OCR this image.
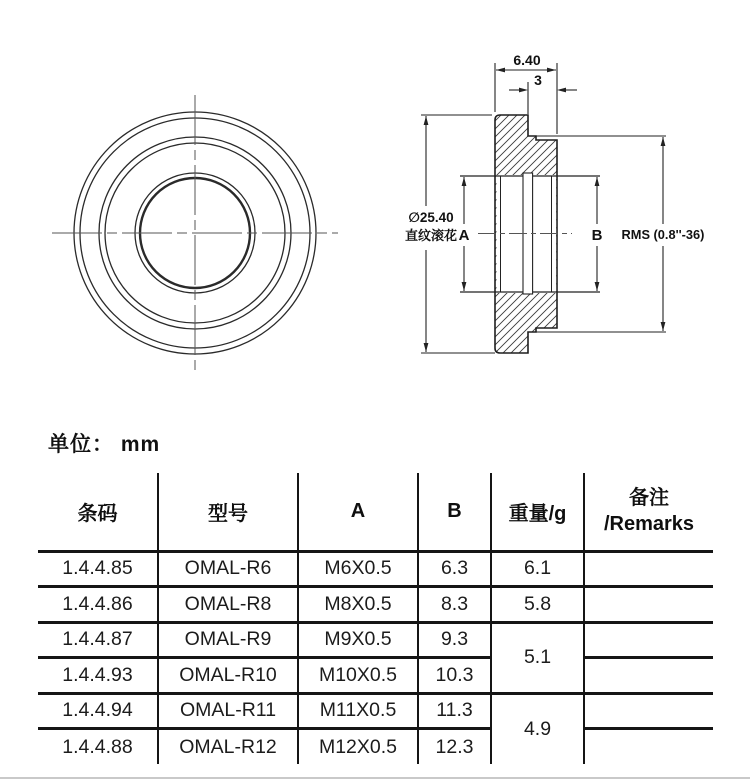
6.40
3
∅25.40
直纹滚花 A	B RMS (0.8''-36)
单位： mm
条码	型号	A	B	重量/g	备注
/Remarks

1.4.4.85	OMAL-R6	M6X0.5	6.3	6.1	
1.4.4.86	OMAL-R8	M8X0.5	8.3	5.8	
1.4.4.87	OMAL-R9	M9X0.5	9.3	5.1	
1.4.4.93	OMAL-R10	M10X0.5	10.3		
1.4.4.94	OMAL-R11	M11X0.5	11.3	4.9	
1.4.4.88	OMAL-R12	M12X0.5	12.3		
